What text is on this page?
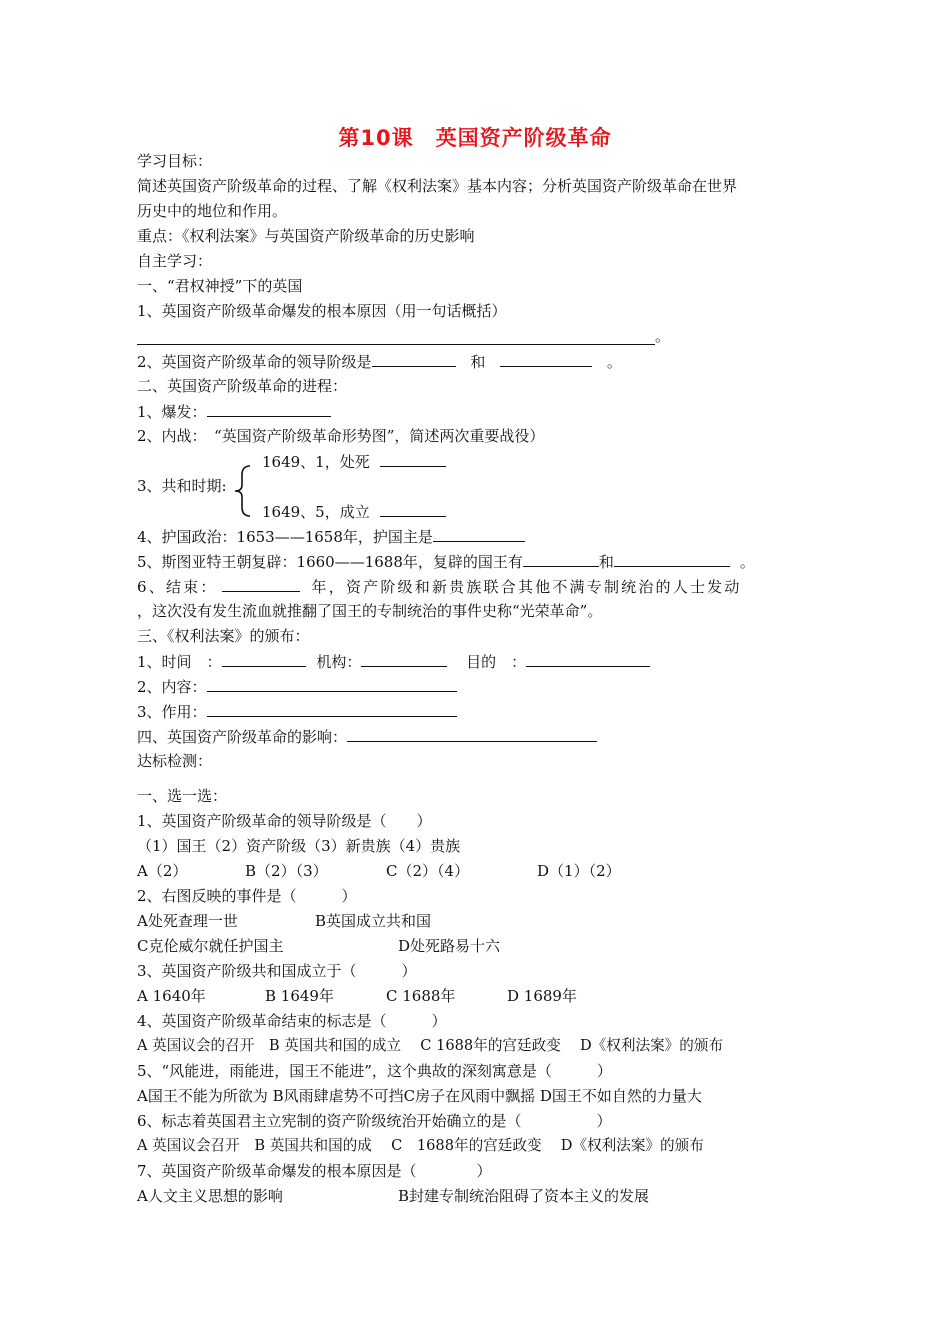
第10课　英国资产阶级革命
学习目标：
简述英国资产阶级革命的过程、了解《权利法案》基本内容；分析英国资产阶级革命在世界
历史中的地位和作用。
重点：《权利法案》与英国资产阶级革命的历史影响
自主学习：
一、“君权神授”下的英国
1、英国资产阶级革命爆发的根本原因（用一句话概括）
。
2、英国资产阶级革命的领导阶级是	和	。
二、英国资产阶级革命的进程：
1、爆发：
2、内战：　“英国资产阶级革命形势图”，简述两次重要战役）
1649、1，处死
3、共和时期:
1649、5，成立
4、护国政治：1653——1658年，护国主是
5、斯图亚特王朝复辟：1660——1688年，复辟的国王有	和	。
6、结束：	年，资产阶级和新贵族联合其他不满专制统治的人士发动
，这次没有发生流血就推翻了国王的专制统治的事件史称“光荣革命”。
三、《权利法案》的颁布：
1、时间　：	机构：	目的　：
2、内容：
3、作用：
四、英国资产阶级革命的影响：
达标检测：
一、选一选：
1、英国资产阶级革命的领导阶级是（　　）
（1）国王（2）资产阶级（3）新贵族（4）贵族
A（2）	B（2）（3）	C（2）（4）	D（1）（2）
2、右图反映的事件是（　　　）
A处死查理一世	B英国成立共和国
C克伦威尔就任护国主	D处死路易十六
3、英国资产阶级共和国成立于（　　　）
A 1640年	B 1649年	C 1688年	D 1689年
4、英国资产阶级革命结束的标志是（　　　）
A 英国议会的召开　B 英国共和国的成立　 C 1688年的宫廷政变　 D《权利法案》的颁布
5、“风能进，雨能进，国王不能进”，这个典故的深刻寓意是（　　　）
A国王不能为所欲为 B风雨肆虐势不可挡C房子在风雨中飘摇 D国王不如自然的力量大
6、标志着英国君主立宪制的资产阶级统治开始确立的是（　　　　　）
A 英国议会召开　B 英国共和国的成　 C　1688年的宫廷政变　 D《权利法案》的颁布
7、英国资产阶级革命爆发的根本原因是（　　　　）
A人文主义思想的影响	B封建专制统治阻碍了资本主义的发展
